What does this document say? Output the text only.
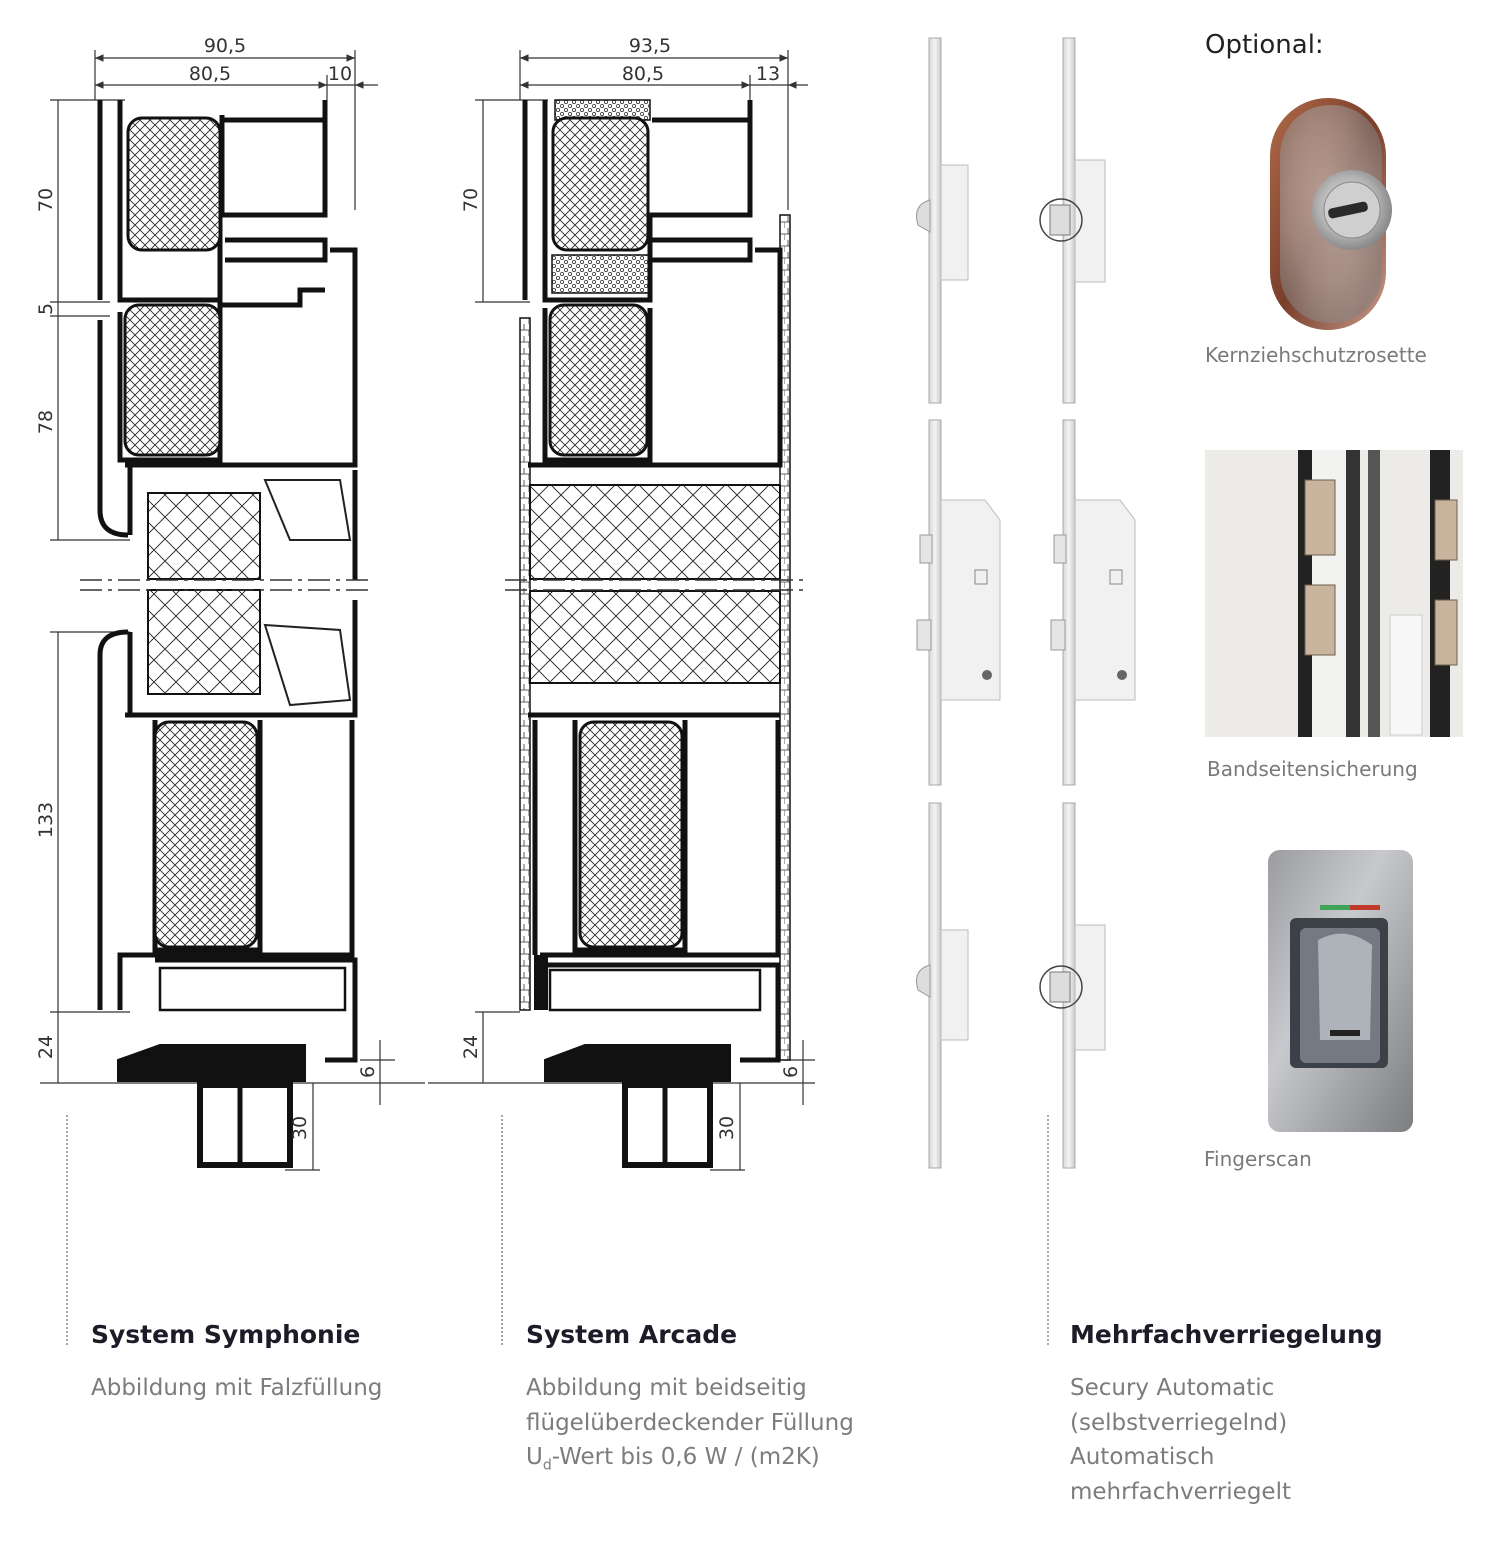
90,5
80,5	10
70
5
78
133
24
6
30
93,5
80,5	13
70
24
6
30
Optional:
Kernziehschutzrosette
Bandseitensicherung
Fingerscan
System Symphonie
Abbildung mit Falzfüllung
System Arcade
Abbildung mit beidseitig
flügelüberdeckender Füllung
$U_d$-Wert bis 0,6 W / (m2K)
Mehrfachverriegelung
Secury Automatic
(selbstverriegelnd)
Automatisch
mehrfachverriegelt
